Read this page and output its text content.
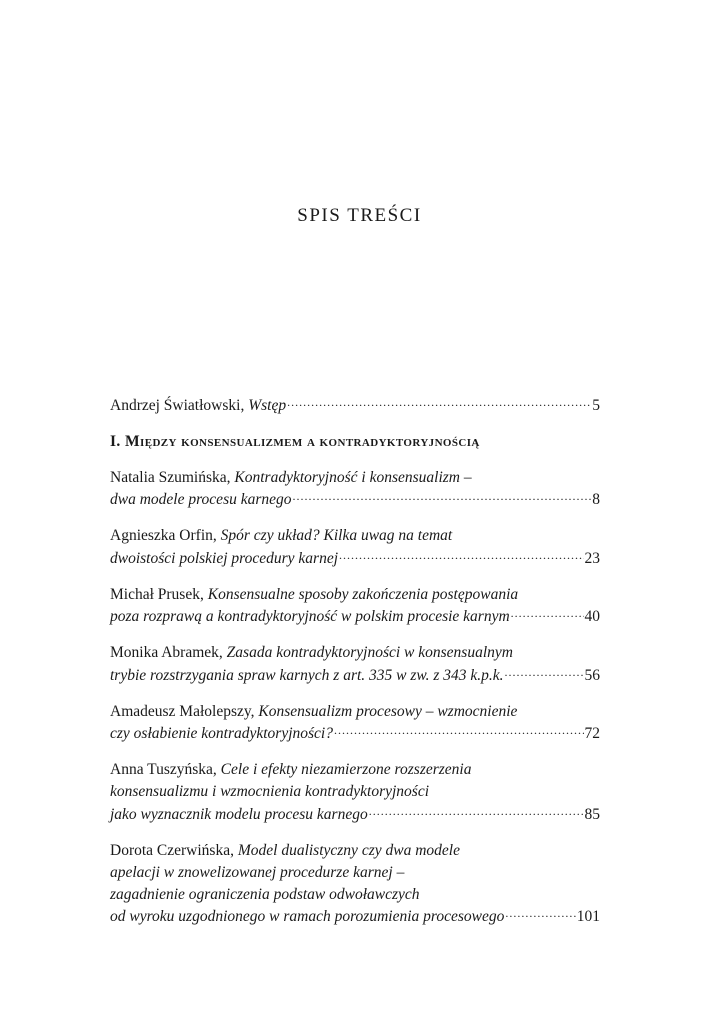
SPIS TREŚCI
Andrzej Światłowski,
Wstęp .....	5
I. Między konsensualizmem a kontradyktoryjnością
Natalia Szumińska,
Kontradyktoryjność i konsensualizm –
dwa modele procesu karnego .....	8
Agnieszka Orfin,
Spór czy układ? Kilka uwag na temat
dwoistości polskiej procedury karnej .....	23
Michał Prusek,
Konsensualne sposoby zakończenia postępowania
poza rozprawą a kontradyktoryjność w polskim procesie karnym .....	40
Monika Abramek,
Zasada kontradyktoryjności w konsensualnym
trybie rozstrzygania spraw karnych z art. 335 w zw. z 343 k.p.k. .....	56
Amadeusz Małolepszy,
Konsensualizm procesowy – wzmocnienie
czy osłabienie kontradyktoryjności? .....	72
Anna Tuszyńska,
Cele i efekty niezamierzone rozszerzenia
konsensualizmu i wzmocnienia kontradyktoryjności
jako wyznacznik modelu procesu karnego .....	85
Dorota Czerwińska,
Model dualistyczny czy dwa modele
apelacji w znowelizowanej procedurze karnej –
zagadnienie ograniczenia podstaw odwoławczych
od wyroku uzgodnionego w ramach porozumienia procesowego .....	101
